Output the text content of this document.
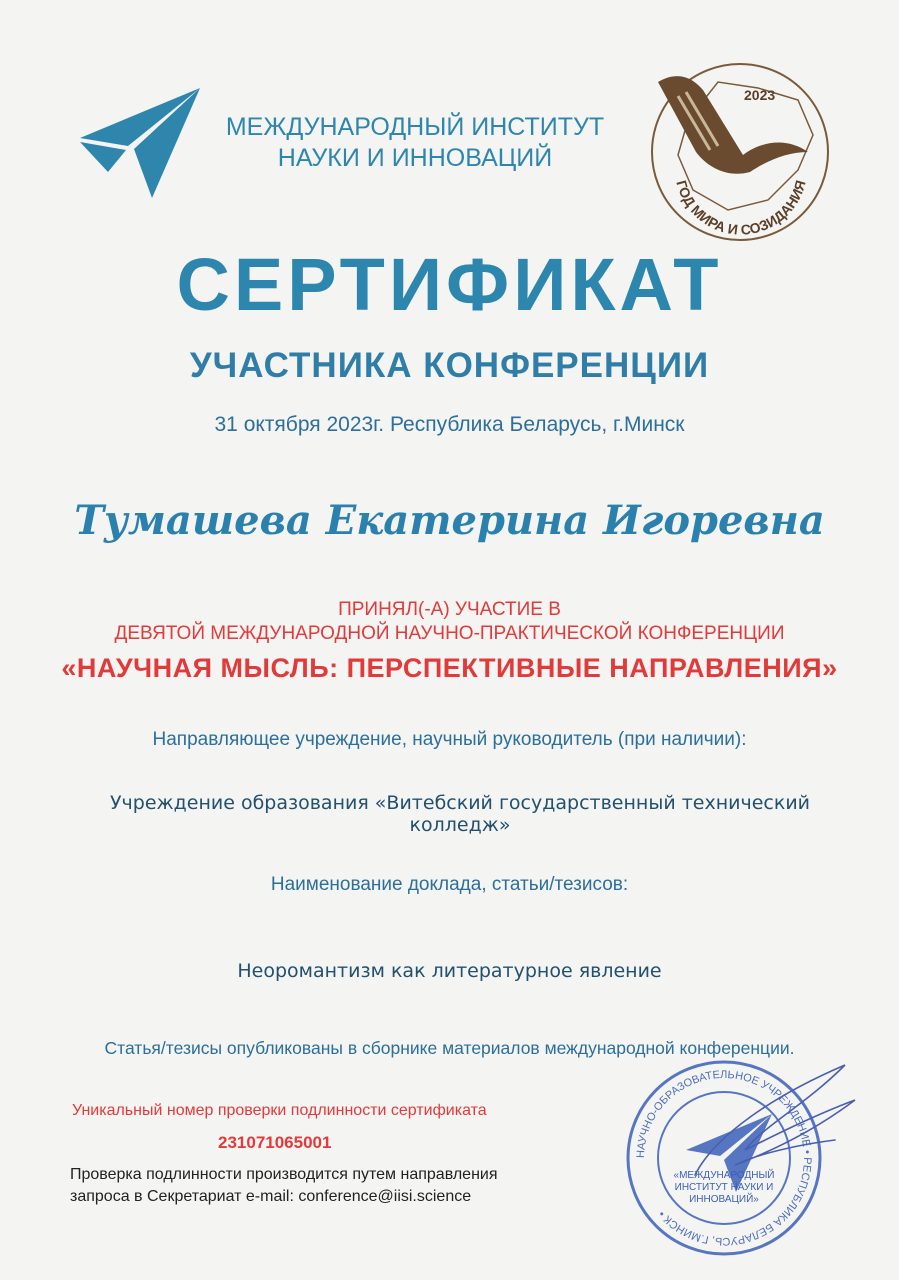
МЕЖДУНАРОДНЫЙ ИНСТИТУТ
НАУКИ И ИННОВАЦИЙ
2023
ГОД МИРА И СОЗИДАНИЯ
СЕРТИФИКАТ
УЧАСТНИКА КОНФЕРЕНЦИИ
31 октября 2023г. Республика Беларусь, г.Минск
Тумашева Екатерина Игоревна
ПРИНЯЛ(-А) УЧАСТИЕ В
ДЕВЯТОЙ МЕЖДУНАРОДНОЙ НАУЧНО-ПРАКТИЧЕСКОЙ КОНФЕРЕНЦИИ
«НАУЧНАЯ МЫСЛЬ: ПЕРСПЕКТИВНЫЕ НАПРАВЛЕНИЯ»
Направляющее учреждение, научный руководитель (при наличии):
Учреждение образования «Витебский государственный технический
колледж»
Наименование доклада, статьи/тезисов:
Неоромантизм как литературное явление
Статья/тезисы опубликованы в сборнике материалов международной конференции.
Уникальный номер проверки подлинности сертификата
231071065001
Проверка подлинности производится путем направления
запроса в Секретариат e-mail: conference@iisi.science
НАУЧНО-ОБРАЗОВАТЕЛЬНОЕ УЧРЕЖДЕНИЕ • РЕСПУБЛИКА БЕЛАРУСЬ, Г.МИНСК •
«МЕЖДУНАРОДНЫЙ
ИНСТИТУТ НАУКИ И
ИННОВАЦИЙ»
